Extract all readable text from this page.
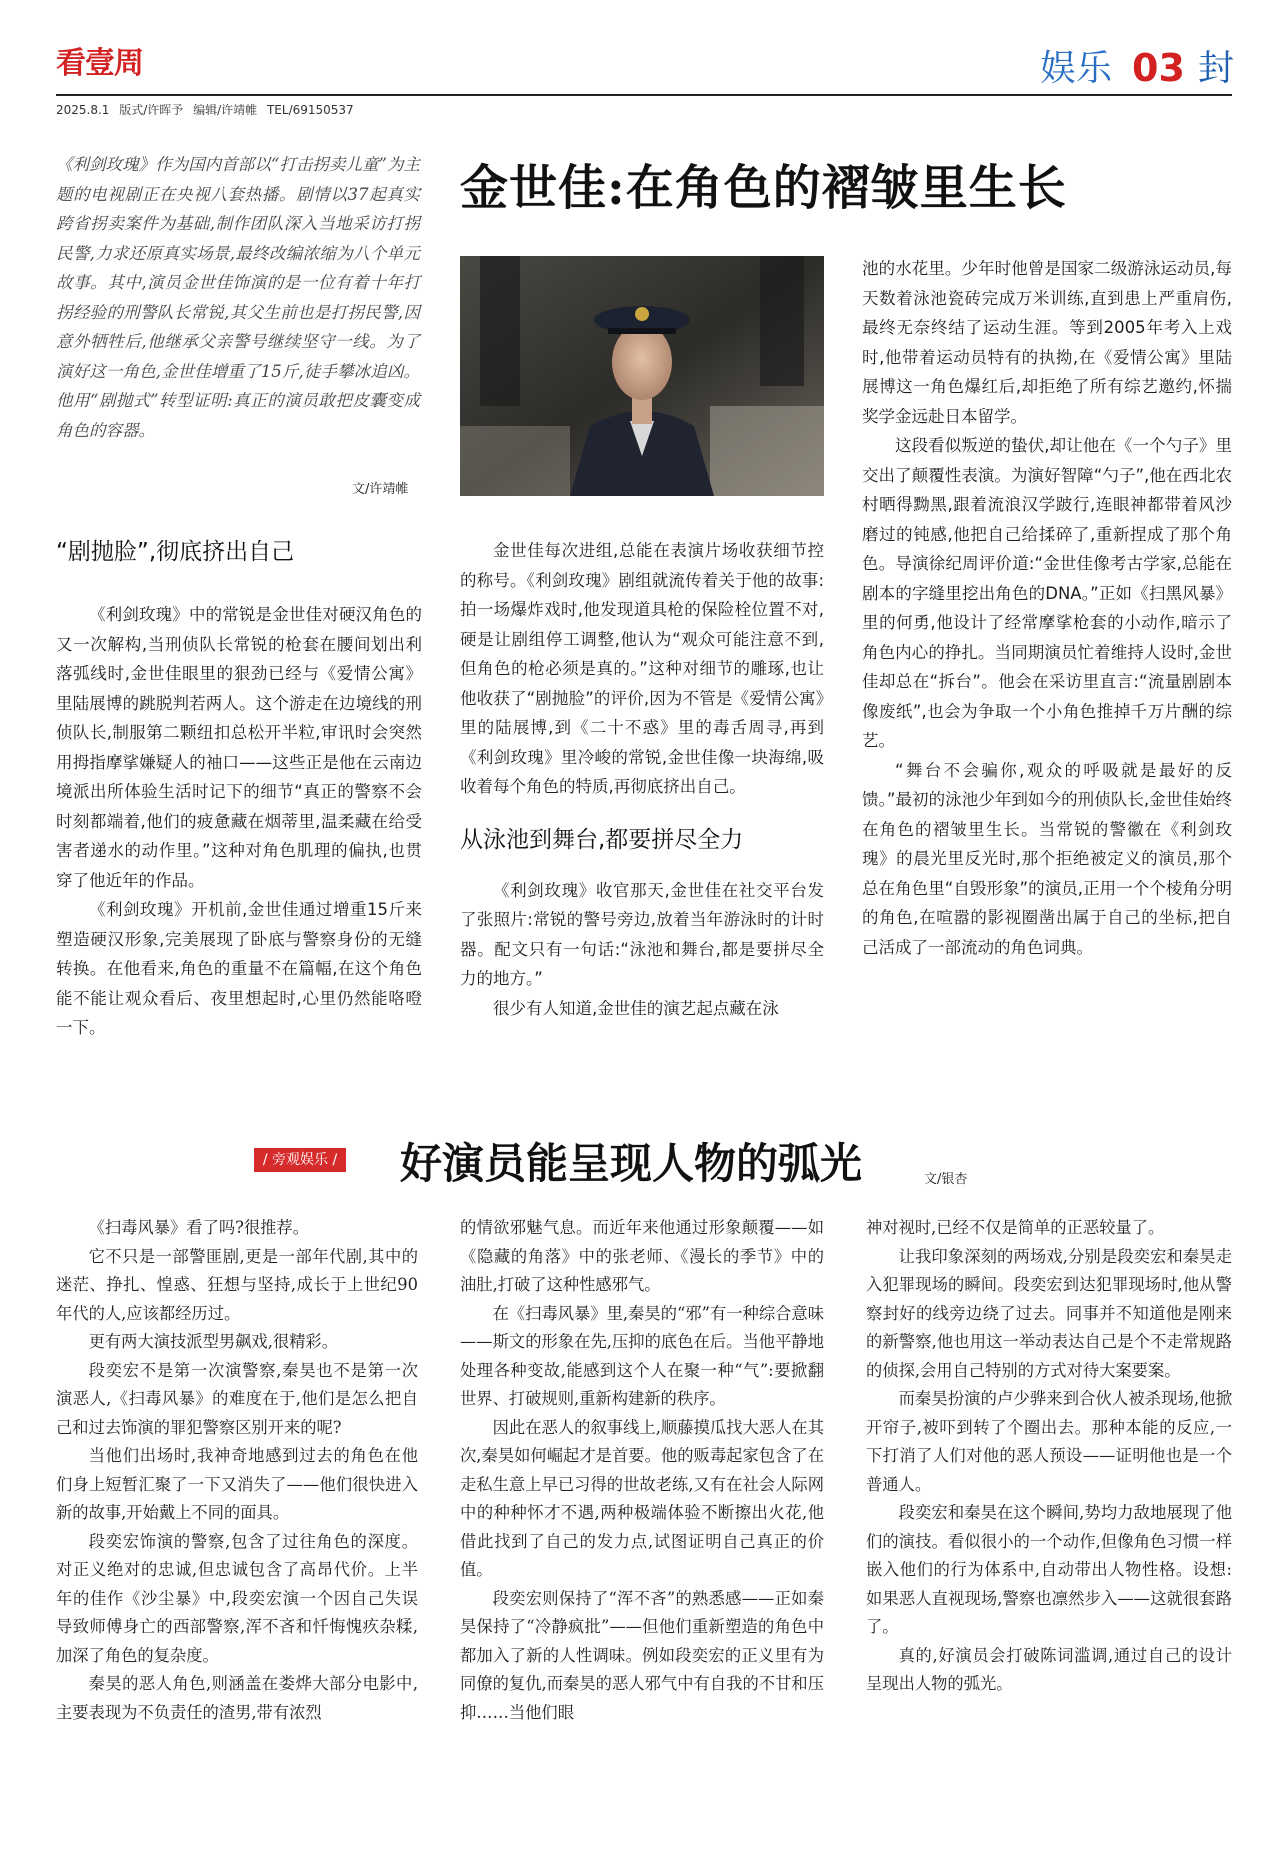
看壹周
2025.8.1 版式/许晖予 编辑/许靖帷 TEL/69150537
娱乐 03 封
《利剑玫瑰》作为国内首部以“打击拐卖儿童”为主题的电视剧正在央视八套热播。剧情以37起真实跨省拐卖案件为基础,制作团队深入当地采访打拐民警,力求还原真实场景,最终改编浓缩为八个单元故事。其中,演员金世佳饰演的是一位有着十年打拐经验的刑警队长常锐,其父生前也是打拐民警,因意外牺牲后,他继承父亲警号继续坚守一线。为了演好这一角色,金世佳增重了15斤,徒手攀冰追凶。他用“剧抛式”转型证明:真正的演员敢把皮囊变成角色的容器。
文/许靖帷
金世佳:在角色的褶皱里生长
“剧抛脸”,彻底挤出自己

《利剑玫瑰》中的常锐是金世佳对硬汉角色的又一次解构,当刑侦队长常锐的枪套在腰间划出利落弧线时,金世佳眼里的狠劲已经与《爱情公寓》里陆展博的跳脱判若两人。这个游走在边境线的刑侦队长,制服第二颗纽扣总松开半粒,审讯时会突然用拇指摩挲嫌疑人的袖口——这些正是他在云南边境派出所体验生活时记下的细节“真正的警察不会时刻都端着,他们的疲惫藏在烟蒂里,温柔藏在给受害者递水的动作里。”这种对角色肌理的偏执,也贯穿了他近年的作品。

《利剑玫瑰》开机前,金世佳通过增重15斤来塑造硬汉形象,完美展现了卧底与警察身份的无缝转换。在他看来,角色的重量不在篇幅,在这个角色能不能让观众看后、夜里想起时,心里仍然能咯噔一下。

金世佳每次进组,总能在表演片场收获细节控的称号。《利剑玫瑰》剧组就流传着关于他的故事:拍一场爆炸戏时,他发现道具枪的保险栓位置不对,硬是让剧组停工调整,他认为“观众可能注意不到,但角色的枪必须是真的。”这种对细节的雕琢,也让他收获了“剧抛脸”的评价,因为不管是《爱情公寓》里的陆展博,到《二十不惑》里的毒舌周寻,再到《利剑玫瑰》里冷峻的常锐,金世佳像一块海绵,吸收着每个角色的特质,再彻底挤出自己。

从泳池到舞台,都要拼尽全力

《利剑玫瑰》收官那天,金世佳在社交平台发了张照片:常锐的警号旁边,放着当年游泳时的计时器。配文只有一句话:“泳池和舞台,都是要拼尽全力的地方。”

很少有人知道,金世佳的演艺起点藏在泳

池的水花里。少年时他曾是国家二级游泳运动员,每天数着泳池瓷砖完成万米训练,直到患上严重肩伤,最终无奈终结了运动生涯。等到2005年考入上戏时,他带着运动员特有的执拗,在《爱情公寓》里陆展博这一角色爆红后,却拒绝了所有综艺邀约,怀揣奖学金远赴日本留学。

这段看似叛逆的蛰伏,却让他在《一个勺子》里交出了颠覆性表演。为演好智障“勺子”,他在西北农村晒得黝黑,跟着流浪汉学跛行,连眼神都带着风沙磨过的钝感,他把自己给揉碎了,重新捏成了那个角色。导演徐纪周评价道:“金世佳像考古学家,总能在剧本的字缝里挖出角色的DNA。”正如《扫黑风暴》里的何勇,他设计了经常摩挲枪套的小动作,暗示了角色内心的挣扎。当同期演员忙着维持人设时,金世佳却总在“拆台”。他会在采访里直言:“流量剧剧本像废纸”,也会为争取一个小角色推掉千万片酬的综艺。

“舞台不会骗你,观众的呼吸就是最好的反馈。”最初的泳池少年到如今的刑侦队长,金世佳始终在角色的褶皱里生长。当常锐的警徽在《利剑玫瑰》的晨光里反光时,那个拒绝被定义的演员,那个总在角色里“自毁形象”的演员,正用一个个棱角分明的角色,在喧嚣的影视圈凿出属于自己的坐标,把自己活成了一部流动的角色词典。

/ 旁观娱乐 / 好演员能呈现人物的弧光	文/银杏

《扫毒风暴》看了吗?很推荐。

它不只是一部警匪剧,更是一部年代剧,其中的迷茫、挣扎、惶惑、狂想与坚持,成长于上世纪90年代的人,应该都经历过。

更有两大演技派型男飙戏,很精彩。

段奕宏不是第一次演警察,秦昊也不是第一次演恶人,《扫毒风暴》的难度在于,他们是怎么把自己和过去饰演的罪犯警察区别开来的呢?

当他们出场时,我神奇地感到过去的角色在他们身上短暂汇聚了一下又消失了——他们很快进入新的故事,开始戴上不同的面具。

段奕宏饰演的警察,包含了过往角色的深度。对正义绝对的忠诚,但忠诚包含了高昂代价。上半年的佳作《沙尘暴》中,段奕宏演一个因自己失误导致师傅身亡的西部警察,浑不吝和忏悔愧疚杂糅,加深了角色的复杂度。

秦昊的恶人角色,则涵盖在娄烨大部分电影中,主要表现为不负责任的渣男,带有浓烈

的情欲邪魅气息。而近年来他通过形象颠覆——如《隐藏的角落》中的张老师、《漫长的季节》中的油肚,打破了这种性感邪气。

在《扫毒风暴》里,秦昊的“邪”有一种综合意味——斯文的形象在先,压抑的底色在后。当他平静地处理各种变故,能感到这个人在聚一种“气”:要掀翻世界、打破规则,重新构建新的秩序。

因此在恶人的叙事线上,顺藤摸瓜找大恶人在其次,秦昊如何崛起才是首要。他的贩毒起家包含了在走私生意上早已习得的世故老练,又有在社会人际网中的种种怀才不遇,两种极端体验不断擦出火花,他借此找到了自己的发力点,试图证明自己真正的价值。

段奕宏则保持了“浑不吝”的熟悉感——正如秦昊保持了“冷静疯批”——但他们重新塑造的角色中都加入了新的人性调味。例如段奕宏的正义里有为同僚的复仇,而秦昊的恶人邪气中有自我的不甘和压抑……当他们眼

神对视时,已经不仅是简单的正恶较量了。

让我印象深刻的两场戏,分别是段奕宏和秦昊走入犯罪现场的瞬间。段奕宏到达犯罪现场时,他从警察封好的线旁边绕了过去。同事并不知道他是刚来的新警察,他也用这一举动表达自己是个不走常规路的侦探,会用自己特别的方式对待大案要案。

而秦昊扮演的卢少骅来到合伙人被杀现场,他掀开帘子,被吓到转了个圈出去。那种本能的反应,一下打消了人们对他的恶人预设——证明他也是一个普通人。

段奕宏和秦昊在这个瞬间,势均力敌地展现了他们的演技。看似很小的一个动作,但像角色习惯一样嵌入他们的行为体系中,自动带出人物性格。设想:如果恶人直视现场,警察也凛然步入——这就很套路了。

真的,好演员会打破陈词滥调,通过自己的设计呈现出人物的弧光。
